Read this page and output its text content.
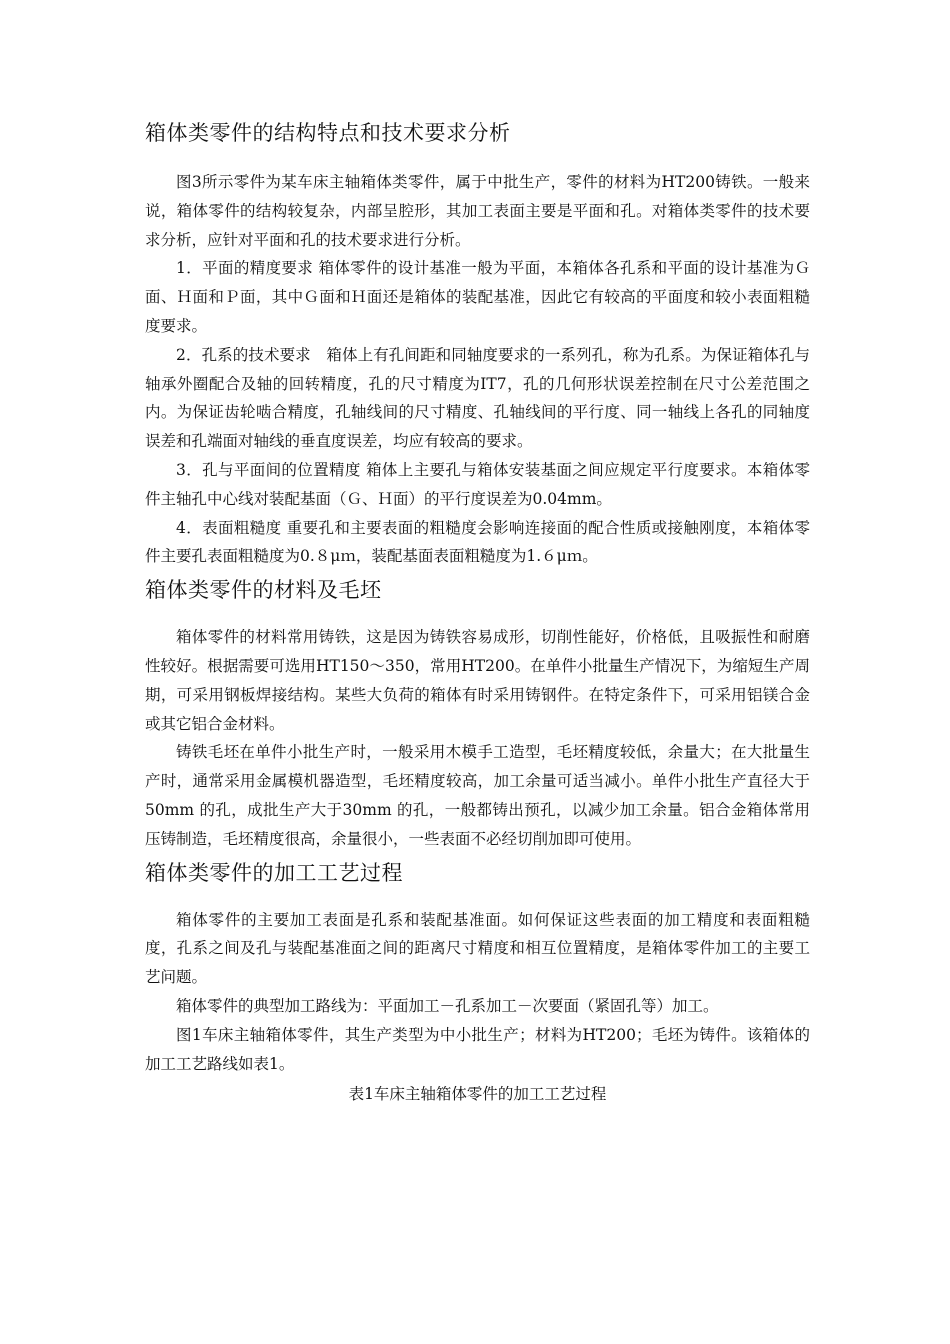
箱体类零件的结构特点和技术要求分析

图3所示零件为某车床主轴箱体类零件，属于中批生产，零件的材料为HT200铸铁。一般来说，箱体零件的结构较复杂，内部呈腔形，其加工表面主要是平面和孔。对箱体类零件的技术要求分析，应针对平面和孔的技术要求进行分析。

1．平面的精度要求 箱体零件的设计基准一般为平面，本箱体各孔系和平面的设计基准为Ｇ面、Ｈ面和Ｐ面，其中Ｇ面和Ｈ面还是箱体的装配基准，因此它有较高的平面度和较小表面粗糙度要求。

2．孔系的技术要求　箱体上有孔间距和同轴度要求的一系列孔，称为孔系。为保证箱体孔与轴承外圈配合及轴的回转精度，孔的尺寸精度为IT7，孔的几何形状误差控制在尺寸公差范围之内。为保证齿轮啮合精度，孔轴线间的尺寸精度、孔轴线间的平行度、同一轴线上各孔的同轴度误差和孔端面对轴线的垂直度误差，均应有较高的要求。

3．孔与平面间的位置精度 箱体上主要孔与箱体安装基面之间应规定平行度要求。本箱体零件主轴孔中心线对装配基面（Ｇ、Ｈ面）的平行度误差为0.04mm。

4．表面粗糙度 重要孔和主要表面的粗糙度会影响连接面的配合性质或接触刚度，本箱体零件主要孔表面粗糙度为0.８μｍ，装配基面表面粗糙度为1.６μｍ。

箱体类零件的材料及毛坯

箱体零件的材料常用铸铁，这是因为铸铁容易成形，切削性能好，价格低，且吸振性和耐磨性较好。根据需要可选用HT150～350，常用HT200。在单件小批量生产情况下，为缩短生产周期，可采用钢板焊接结构。某些大负荷的箱体有时采用铸钢件。在特定条件下，可采用铝镁合金或其它铝合金材料。

铸铁毛坯在单件小批生产时，一般采用木模手工造型，毛坯精度较低，余量大；在大批量生产时，通常采用金属模机器造型，毛坯精度较高，加工余量可适当减小。单件小批生产直径大于50mm 的孔，成批生产大于30mm 的孔，一般都铸出预孔，以减少加工余量。铝合金箱体常用压铸制造，毛坯精度很高，余量很小，一些表面不必经切削加即可使用。

箱体类零件的加工工艺过程

箱体零件的主要加工表面是孔系和装配基准面。如何保证这些表面的加工精度和表面粗糙度，孔系之间及孔与装配基准面之间的距离尺寸精度和相互位置精度，是箱体零件加工的主要工艺问题。

箱体零件的典型加工路线为：平面加工－孔系加工－次要面（紧固孔等）加工。

图1车床主轴箱体零件，其生产类型为中小批生产；材料为HT200；毛坯为铸件。该箱体的加工工艺路线如表1。

表1车床主轴箱体零件的加工工艺过程
